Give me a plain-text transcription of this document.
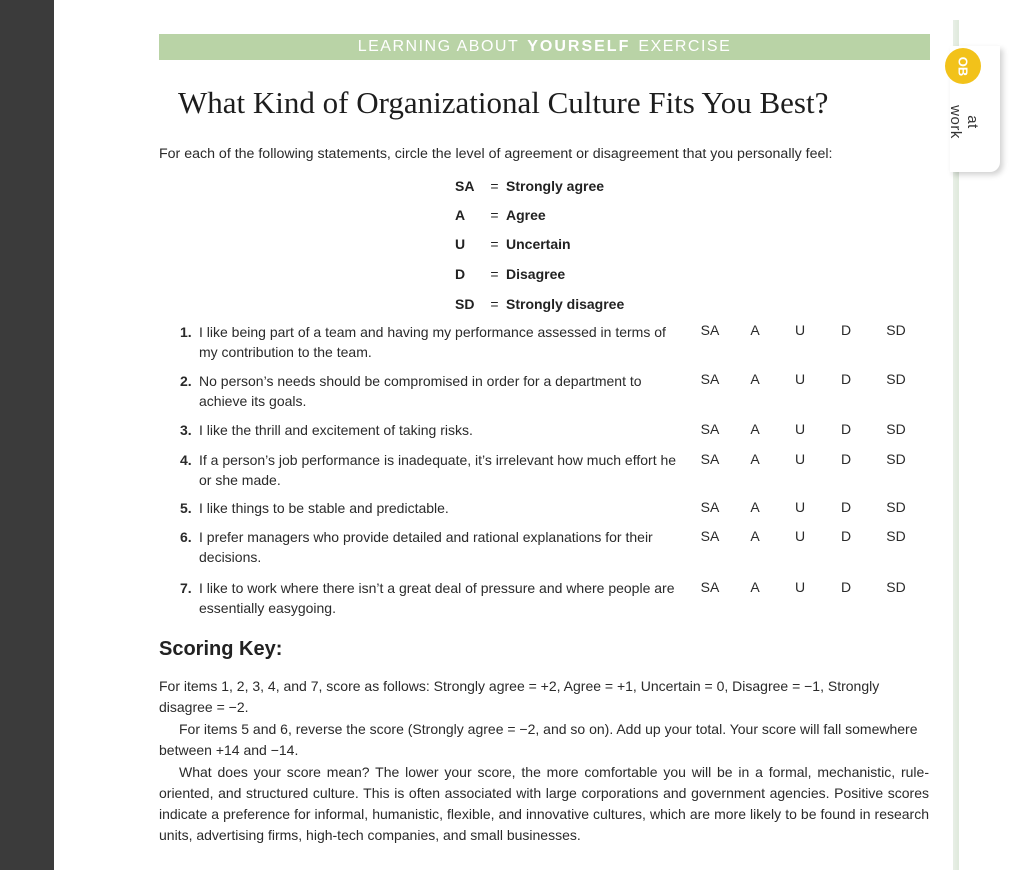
LEARNING ABOUT YOURSELF EXERCISE
What Kind of Organizational Culture Fits You Best?
For each of the following statements, circle the level of agreement or disagreement that you personally feel:
SA	= Strongly agree
A	= Agree
U	= Uncertain
D	= Disagree
SD	= Strongly disagree
1. I like being part of a team and having my performance assessed in terms of my contribution to the team.
SA	A	U	D	SD
2. No person’s needs should be compromised in order for a department to achieve its goals.
SA	A	U	D	SD
3. I like the thrill and excitement of taking risks.	SA	A	U	D	SD
4. If a person’s job performance is inadequate, it’s irrelevant how much effort he or she made.
SA	A	U	D	SD
5. I like things to be stable and predictable.	SA	A	U	D	SD
6. I prefer managers who provide detailed and rational explanations for their decisions.
SA	A	U	D	SD
7. I like to work where there isn’t a great deal of pressure and where people are essentially easygoing.
SA	A	U	D	SD
Scoring Key:
For items 1, 2, 3, 4, and 7, score as follows: Strongly agree = +2, Agree = +1, Uncertain = 0, Disagree = −1, Strongly disagree = −2.
For items 5 and 6, reverse the score (Strongly agree = −2, and so on). Add up your total. Your score will fall somewhere between +14 and −14.
What does your score mean? The lower your score, the more comfortable you will be in a formal, mechanistic, rule-oriented, and structured culture. This is often associated with large corporations and government agencies. Positive scores indicate a preference for informal, humanistic, flexible, and innovative cultures, which are more likely to be found in research units, advertising firms, high-tech companies, and small businesses.
OB
at work
